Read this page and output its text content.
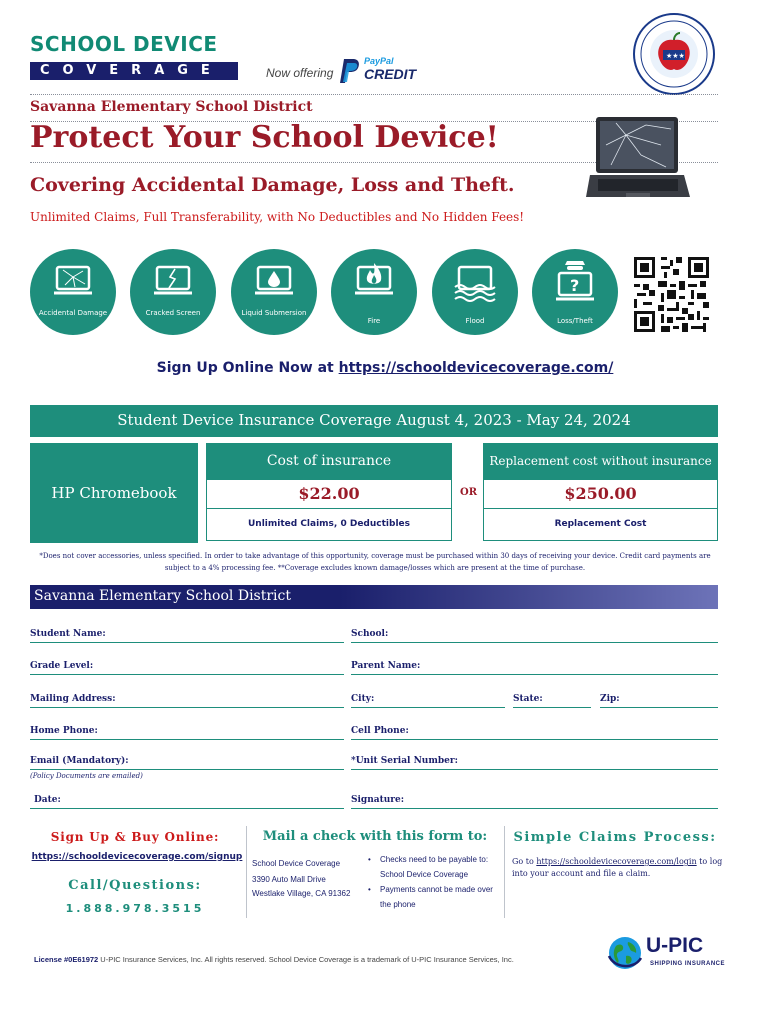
SCHOOL DEVICE
COVERAGE	Now offering
PayPal
CREDIT
★★★
Savanna Elementary School District
Protect Your School Device!
Covering Accidental Damage, Loss and Theft.
Unlimited Claims, Full Transferability, with No Deductibles and No Hidden Fees!
Accidental Damage	Cracked Screen	Liquid Submersion
Fire	Flood
?
Loss/Theft
Sign Up Online Now at https://schooldevicecoverage.com/
Student Device Insurance Coverage August 4, 2023 - May 24, 2024
HP Chromebook
Cost of insurance
$22.00
Unlimited Claims, 0 Deductibles
OR
Replacement cost without insurance
$250.00
Replacement Cost
*Does not cover accessories, unless specified. In order to take advantage of this opportunity, coverage must be purchased within 30 days of receiving your device. Credit card payments are subject to a 4% processing fee. **Coverage excludes known damage/losses which are present at the time of purchase.
Savanna Elementary School District
Student Name:	School:
Grade Level:	Parent Name:
Mailing Address:	City:	State:	Zip:
Home Phone:	Cell Phone:
Email (Mandatory):	*Unit Serial Number:
(Policy Documents are emailed)
Date:	Signature:
Sign Up & Buy Online:
https://schooldevicecoverage.com/signup
Call/Questions:
1.888.978.3515
Mail a check with this form to:
School Device Coverage
3390 Auto Mall Drive
Westlake Village, CA 91362
• Checks need to be payable to:
School Device Coverage
• Payments cannot be made over
the phone
Simple Claims Process:
Go to https://schooldevicecoverage.com/login to log into your account and file a claim.
License #0E61972 U-PIC Insurance Services, Inc. All rights reserved. School Device Coverage is a trademark of U-PIC Insurance Services, Inc.
U-PIC
SHIPPING INSURANCE
